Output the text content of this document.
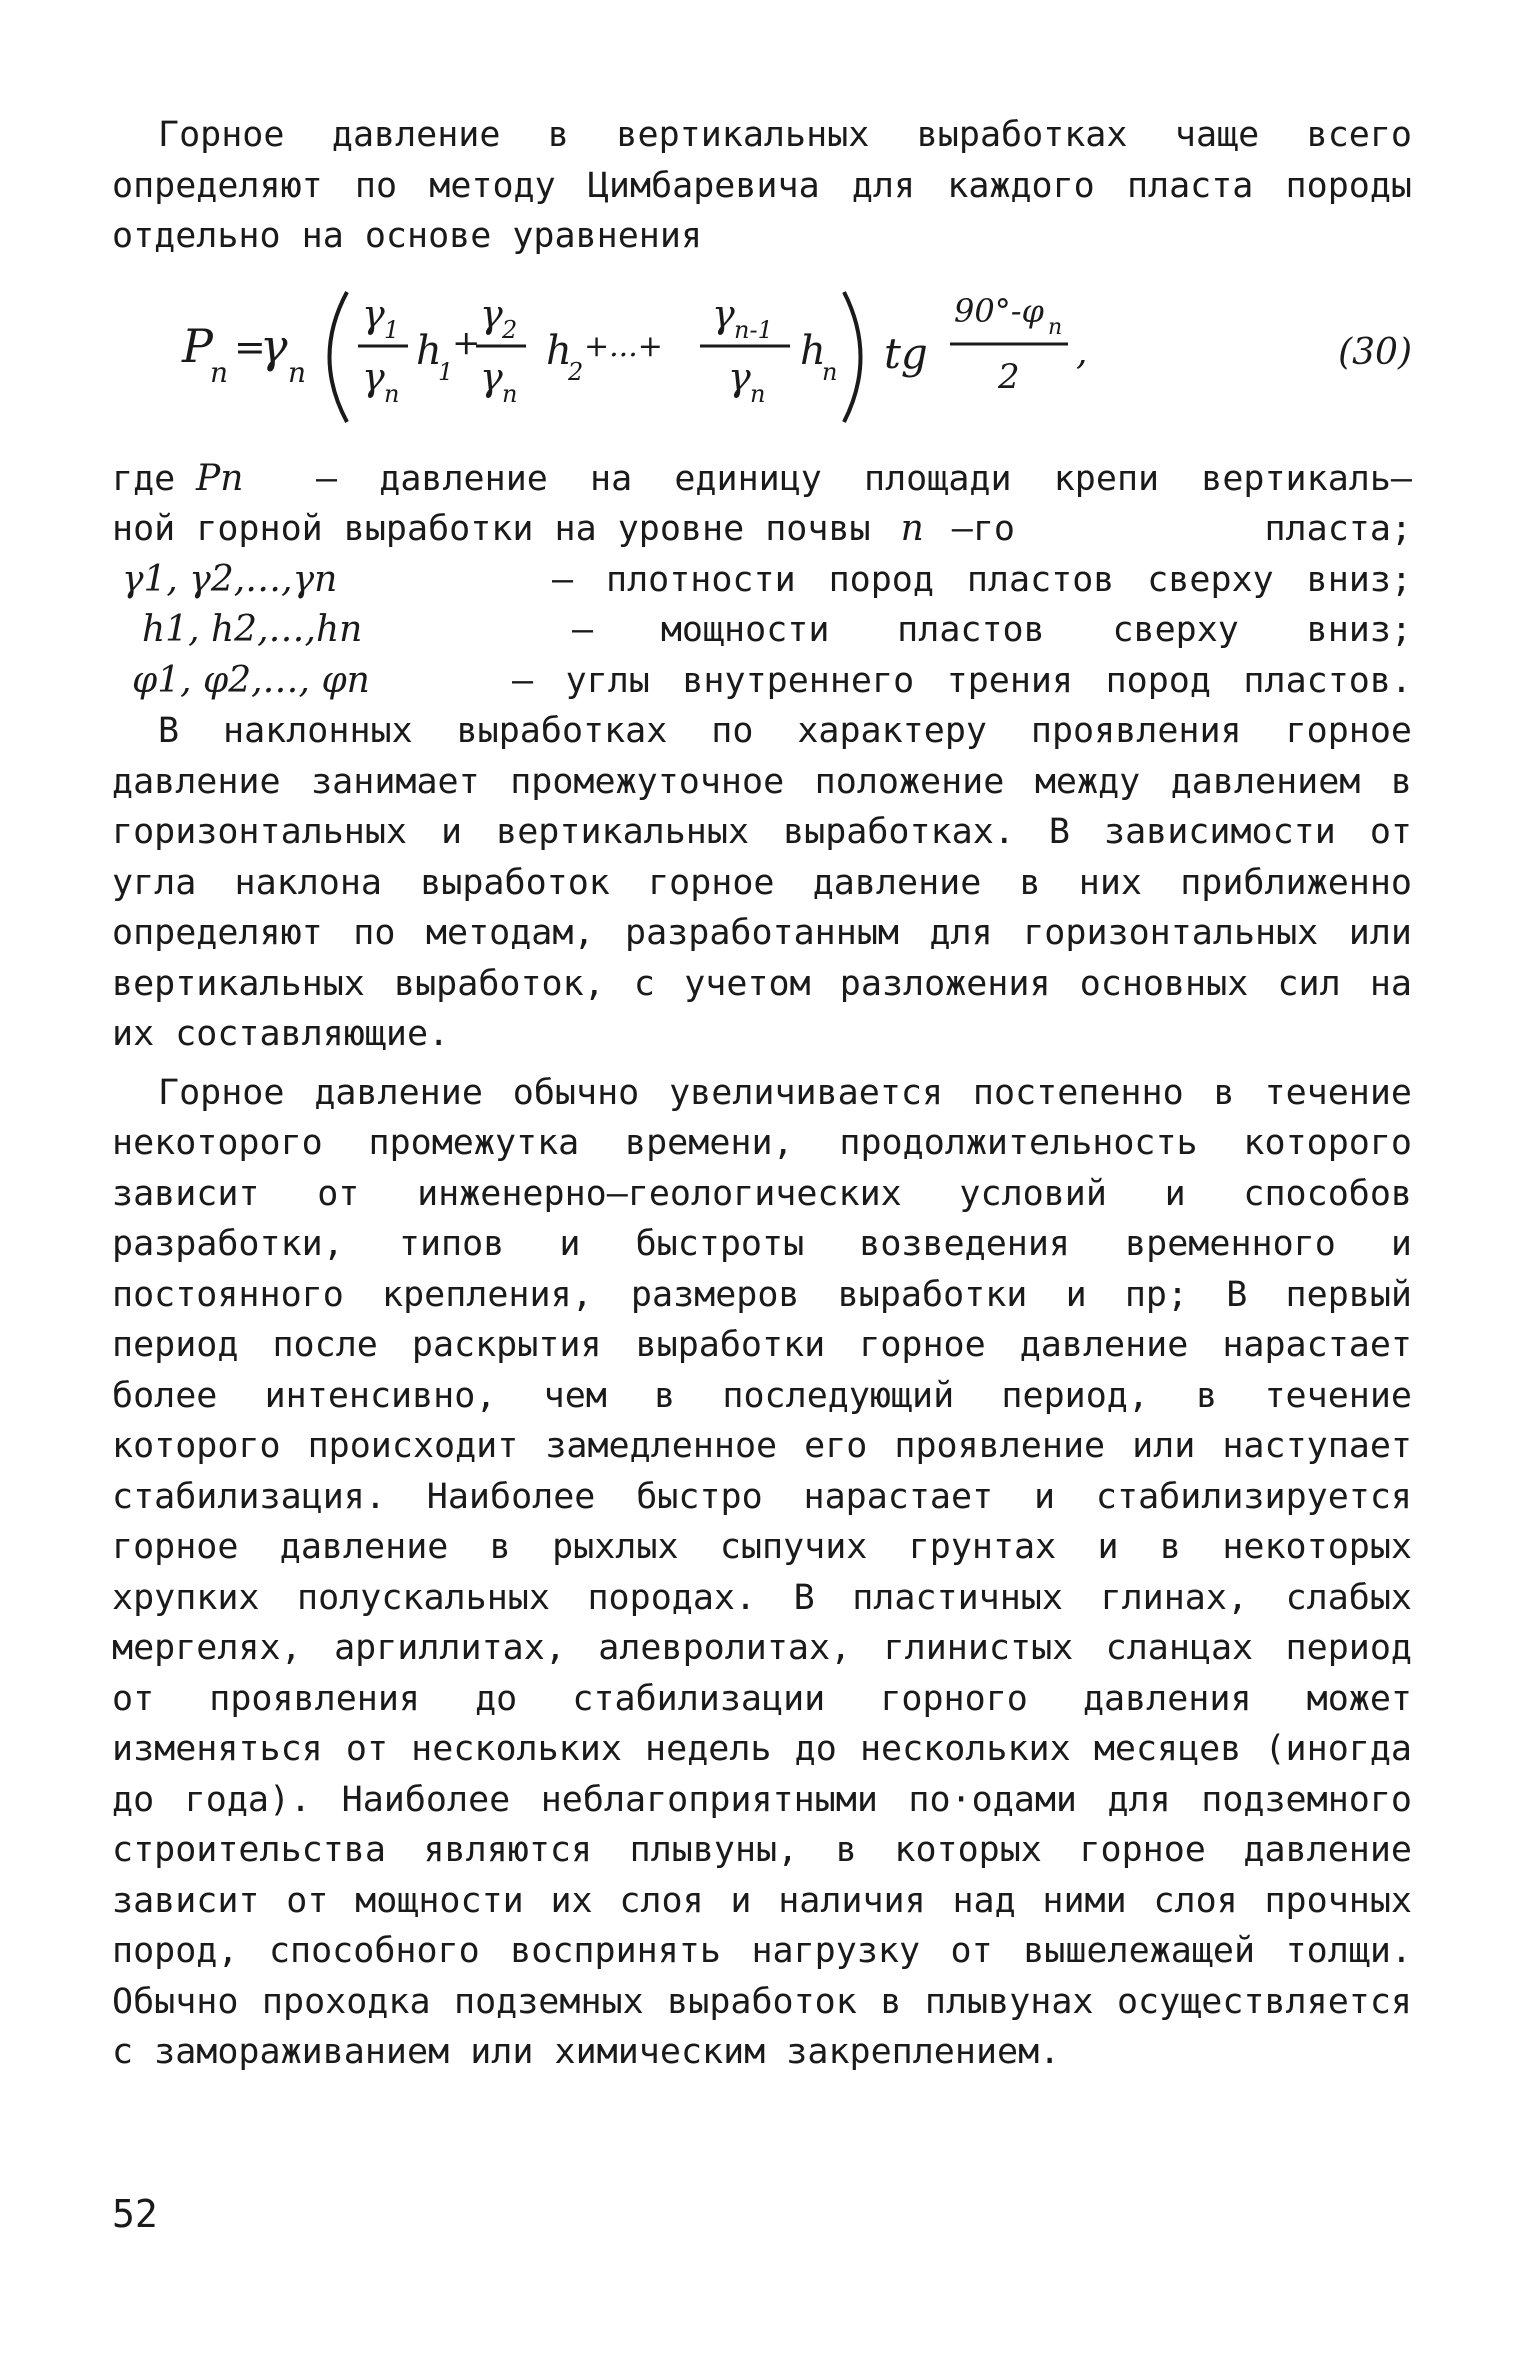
Горное давление в вертикальных выработках чаще всего определяют по методу Цимбаревича для каждого пласта породы отдельно на основе уравнения

P
n
=
γ n
γ 1
γ n
h
1
+
γ 2
γ n
h
2
+...+
γ n-1
γ n
h
n tg
90°-φ n
2
,	(30)
где Pn	– давление на единицу площади крепи вертикаль–
ной горной выработки на уровне почвы n –го пласта;
γ1, γ2,…,γn	– плотности пород пластов сверху вниз;
h1, h2,…,hn	– мощности пластов сверху вниз;
φ1, φ2,…, φn	– углы внутреннего трения пород пластов.

В наклонных выработках по характеру проявления горное давление занимает промежуточное положение между давлением в горизонтальных и вертикальных выработках. В зависимости от угла наклона выработок горное давление в них приближенно определяют по методам, разработанным для горизонтальных или вертикальных выработок, с учетом разложения основных сил на их составляющие.

Горное давление обычно увеличивается постепенно в течение некоторого промежутка времени, продолжительность которого зависит от инженерно–геологических условий и способов разработки, типов и быстроты возведения временного и постоянного крепления, размеров выработки и пр; В первый период после раскрытия выработки горное давление нарастает более интенсивно, чем в последующий период, в течение которого происходит замедленное его проявление или наступает стабилизация. Наиболее быстро нарастает и стабилизируется горное давление в рыхлых сыпучих грунтах и в некоторых хрупких полускальных породах. В пластичных глинах, слабых мергелях, аргиллитах, алевролитах, глинистых сланцах период от проявления до стабилизации горного давления может изменяться от нескольких недель до нескольких месяцев (иногда до года). Наиболее неблагоприятными по⋅одами для подземного строительства являются плывуны, в которых горное давление зависит от мощности их слоя и наличия над ними слоя прочных пород, способного воспринять нагрузку от вышележащей толщи. Обычно проходка подземных выработок в плывунах осуществляется с замораживанием или химическим закреплением.

52
